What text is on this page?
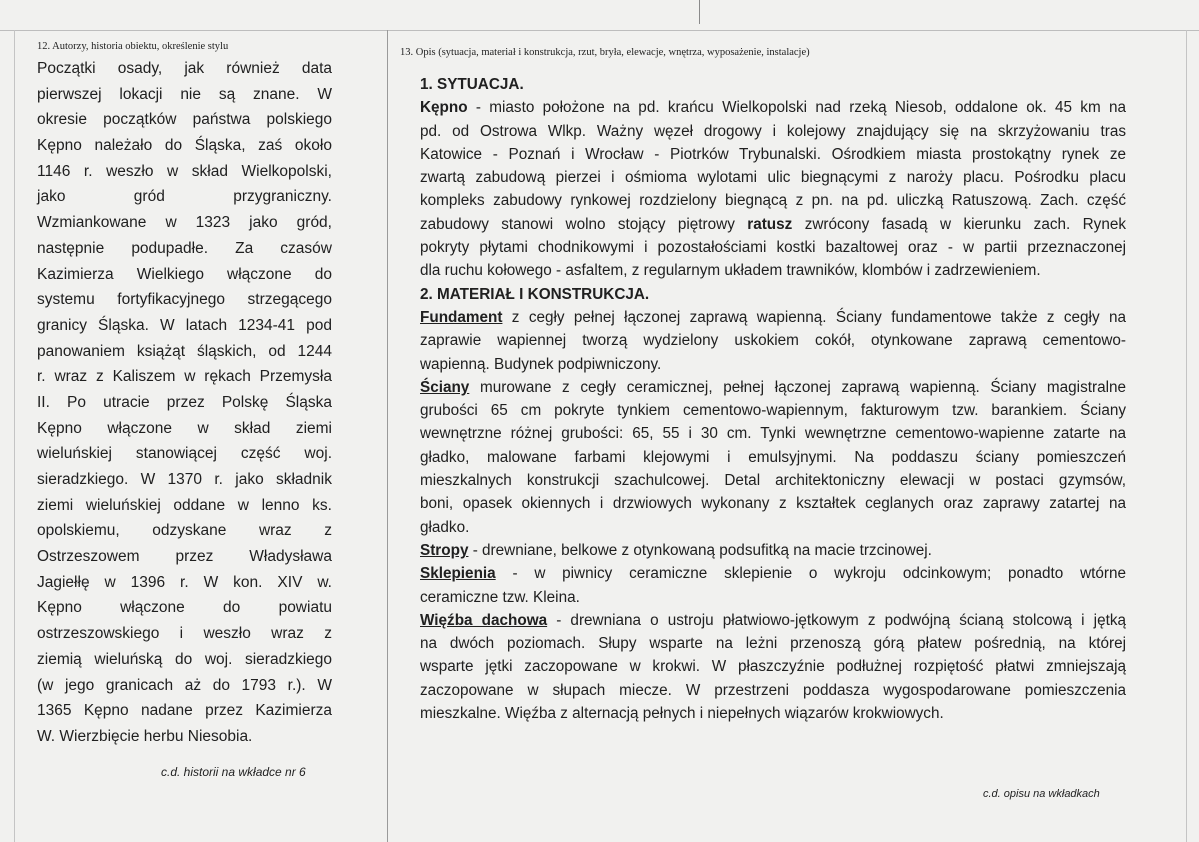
12. Autorzy, historia obiektu, określenie stylu
13. Opis (sytuacja, materiał i konstrukcja, rzut, bryła, elewacje, wnętrza, wyposażenie, instalacje)
Początki osady, jak również data
pierwszej lokacji nie są znane. W
okresie początków państwa polskiego
Kępno należało do Śląska, zaś około
1146 r. weszło w skład Wielkopolski,
jako gród przygraniczny.
Wzmiankowane w 1323 jako gród,
następnie podupadłe. Za czasów
Kazimierza Wielkiego włączone do
systemu fortyfikacyjnego strzegącego
granicy Śląska. W latach 1234-41 pod
panowaniem książąt śląskich, od 1244
r. wraz z Kaliszem w rękach Przemysła
II. Po utracie przez Polskę Śląska
Kępno włączone w skład ziemi
wieluńskiej stanowiącej część woj.
sieradzkiego. W 1370 r. jako składnik
ziemi wieluńskiej oddane w lenno ks.
opolskiemu, odzyskane wraz z
Ostrzeszowem przez Władysława
Jagiełłę w 1396 r. W kon. XIV w.
Kępno włączone do powiatu
ostrzeszowskiego i weszło wraz z
ziemią wieluńską do woj. sieradzkiego
(w jego granicach aż do 1793 r.). W
1365 Kępno nadane przez Kazimierza
W. Wierzbięcie herbu Niesobia.
c.d. historii na wkładce nr 6
1. SYTUACJA.
Kępno - miasto położone na pd. krańcu Wielkopolski nad rzeką Niesob, oddalone ok. 45 km na
pd. od Ostrowa Wlkp. Ważny węzeł drogowy i kolejowy znajdujący się na skrzyżowaniu tras
Katowice - Poznań i Wrocław - Piotrków Trybunalski. Ośrodkiem miasta prostokątny rynek ze
zwartą zabudową pierzei i ośmioma wylotami ulic biegnącymi z naroży placu. Pośrodku placu
kompleks zabudowy rynkowej rozdzielony biegnącą z pn. na pd. uliczką Ratuszową. Zach. część
zabudowy stanowi wolno stojący piętrowy ratusz zwrócony fasadą w kierunku zach. Rynek
pokryty płytami chodnikowymi i pozostałościami kostki bazaltowej oraz - w partii przeznaczonej
dla ruchu kołowego - asfaltem, z regularnym układem trawników, klombów i zadrzewieniem.
2. MATERIAŁ I KONSTRUKCJA.
Fundament z cegły pełnej łączonej zaprawą wapienną. Ściany fundamentowe także z cegły na
zaprawie wapiennej tworzą wydzielony uskokiem cokół, otynkowane zaprawą cementowo-
wapienną. Budynek podpiwniczony.
Ściany murowane z cegły ceramicznej, pełnej łączonej zaprawą wapienną. Ściany magistralne
grubości 65 cm pokryte tynkiem cementowo-wapiennym, fakturowym tzw. barankiem. Ściany
wewnętrzne różnej grubości: 65, 55 i 30 cm. Tynki wewnętrzne cementowo-wapienne zatarte na
gładko, malowane farbami klejowymi i emulsyjnymi. Na poddaszu ściany pomieszczeń
mieszkalnych konstrukcji szachulcowej. Detal architektoniczny elewacji w postaci gzymsów,
boni, opasek okiennych i drzwiowych wykonany z kształtek ceglanych oraz zaprawy zatartej na
gładko.
Stropy - drewniane, belkowe z otynkowaną podsufitką na macie trzcinowej.
Sklepienia - w piwnicy ceramiczne sklepienie o wykroju odcinkowym; ponadto wtórne
ceramiczne tzw. Kleina.
Więźba dachowa - drewniana o ustroju płatwiowo-jętkowym z podwójną ścianą stolcową i jętką
na dwóch poziomach. Słupy wsparte na leżni przenoszą górą płatew pośrednią, na której
wsparte jętki zaczopowane w krokwi. W płaszczyźnie podłużnej rozpiętość płatwi zmniejszają
zaczopowane w słupach miecze. W przestrzeni poddasza wygospodarowane pomieszczenia
mieszkalne. Więźba z alternacją pełnych i niepełnych wiązarów krokwiowych.
c.d. opisu na wkładkach
